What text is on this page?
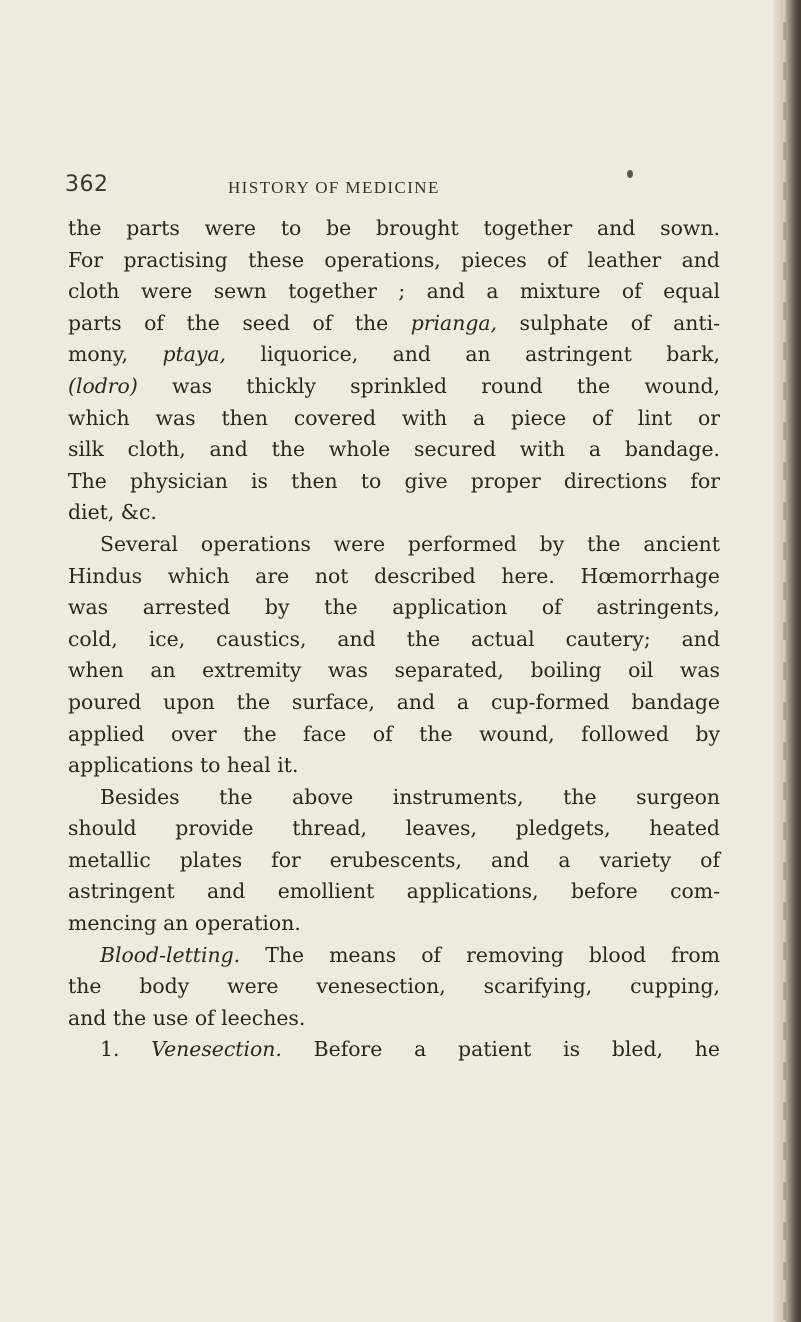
362	HISTORY OF MEDICINE
the parts were to be brought together and sown.
For practising these operations, pieces of leather and
cloth were sewn together ; and a mixture of equal
parts of the seed of the prianga, sulphate of anti-
mony, ptaya, liquorice, and an astringent bark,
(lodro) was thickly sprinkled round the wound,
which was then covered with a piece of lint or
silk cloth, and the whole secured with a bandage.
The physician is then to give proper directions for
diet, &c.
Several operations were performed by the ancient
Hindus which are not described here. Hœmorrhage
was arrested by the application of astringents,
cold, ice, caustics, and the actual cautery; and
when an extremity was separated, boiling oil was
poured upon the surface, and a cup-formed bandage
applied over the face of the wound, followed by
applications to heal it.
Besides the above instruments, the surgeon
should provide thread, leaves, pledgets, heated
metallic plates for erubescents, and a variety of
astringent and emollient applications, before com-
mencing an operation.
Blood-letting. The means of removing blood from
the body were venesection, scarifying, cupping,
and the use of leeches.
1. Venesection. Before a patient is bled, he
